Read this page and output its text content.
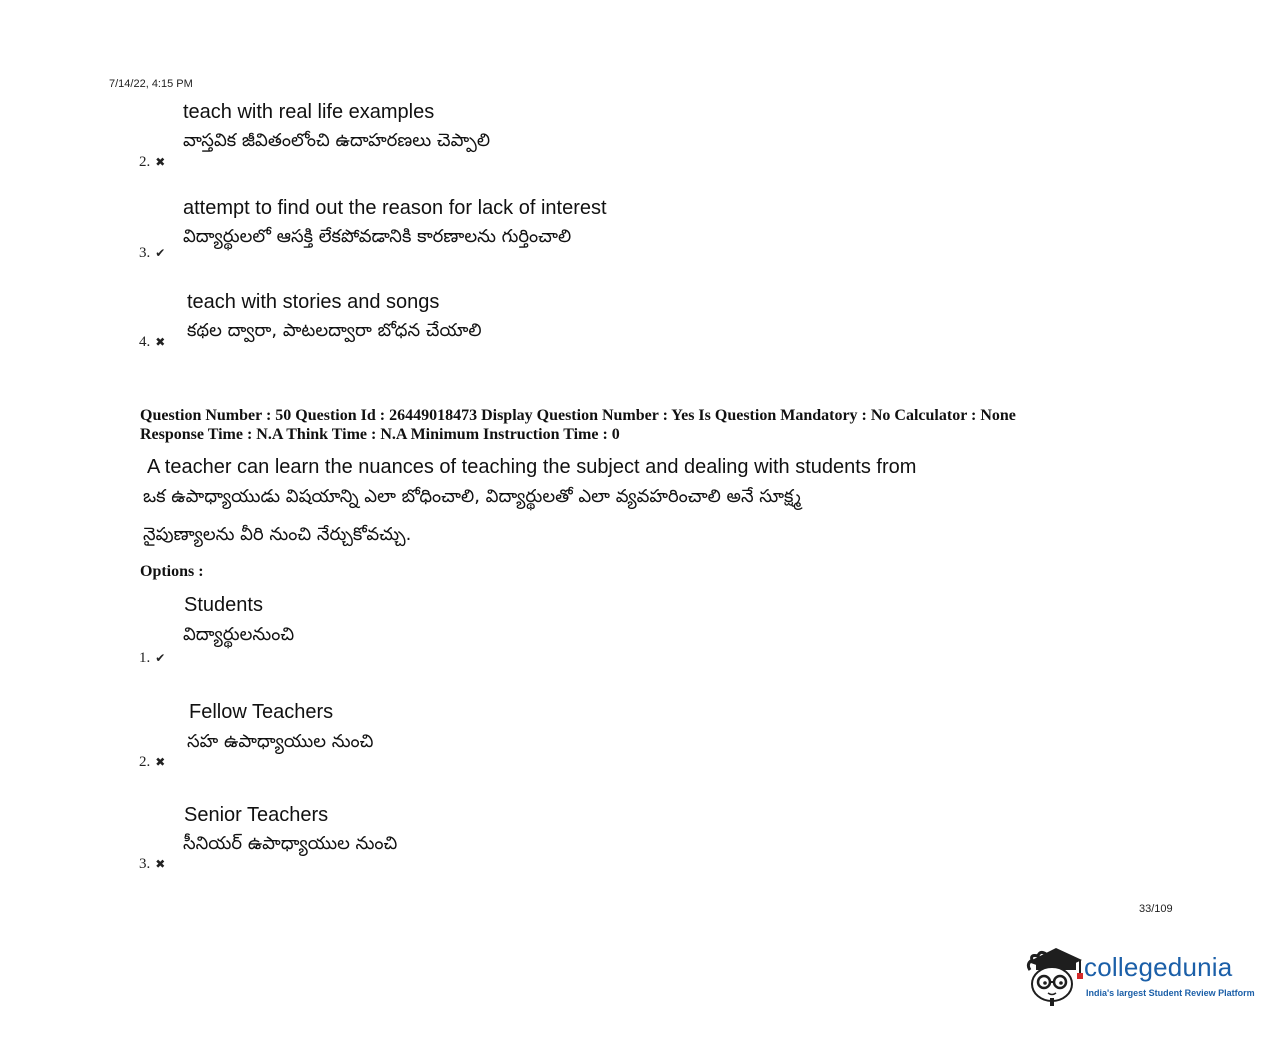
7/14/22, 4:15 PM
teach with real life examples
వాస్తవిక జీవితంలోంచి ఉదాహరణలు చెప్పాలి
2. ✖
attempt to find out the reason for lack of interest
విద్యార్థులలో ఆసక్తి లేకపోవడానికి కారణాలను గుర్తించాలి
3. ✔
teach with stories and songs
కథల ద్వారా, పాటలద్వారా బోధన చేయాలి
4. ✖
Question Number : 50 Question Id : 26449018473 Display Question Number : Yes Is Question Mandatory : No Calculator : None
Response Time : N.A Think Time : N.A Minimum Instruction Time : 0
A teacher can learn the nuances of teaching the subject and dealing with students from
ఒక ఉపాధ్యాయుడు విషయాన్ని ఎలా బోధించాలి, విద్యార్థులతో ఎలా వ్యవహరించాలి అనే సూక్ష్మ
నైపుణ్యాలను వీరి నుంచి నేర్చుకోవచ్చు.
Options :
Students
విద్యార్థులనుంచి
1. ✔
Fellow Teachers
సహ ఉపాధ్యాయుల నుంచి
2. ✖
Senior Teachers
సీనియర్ ఉపాధ్యాయుల నుంచి
3. ✖
33/109
collegedunia
India's largest Student Review Platform
